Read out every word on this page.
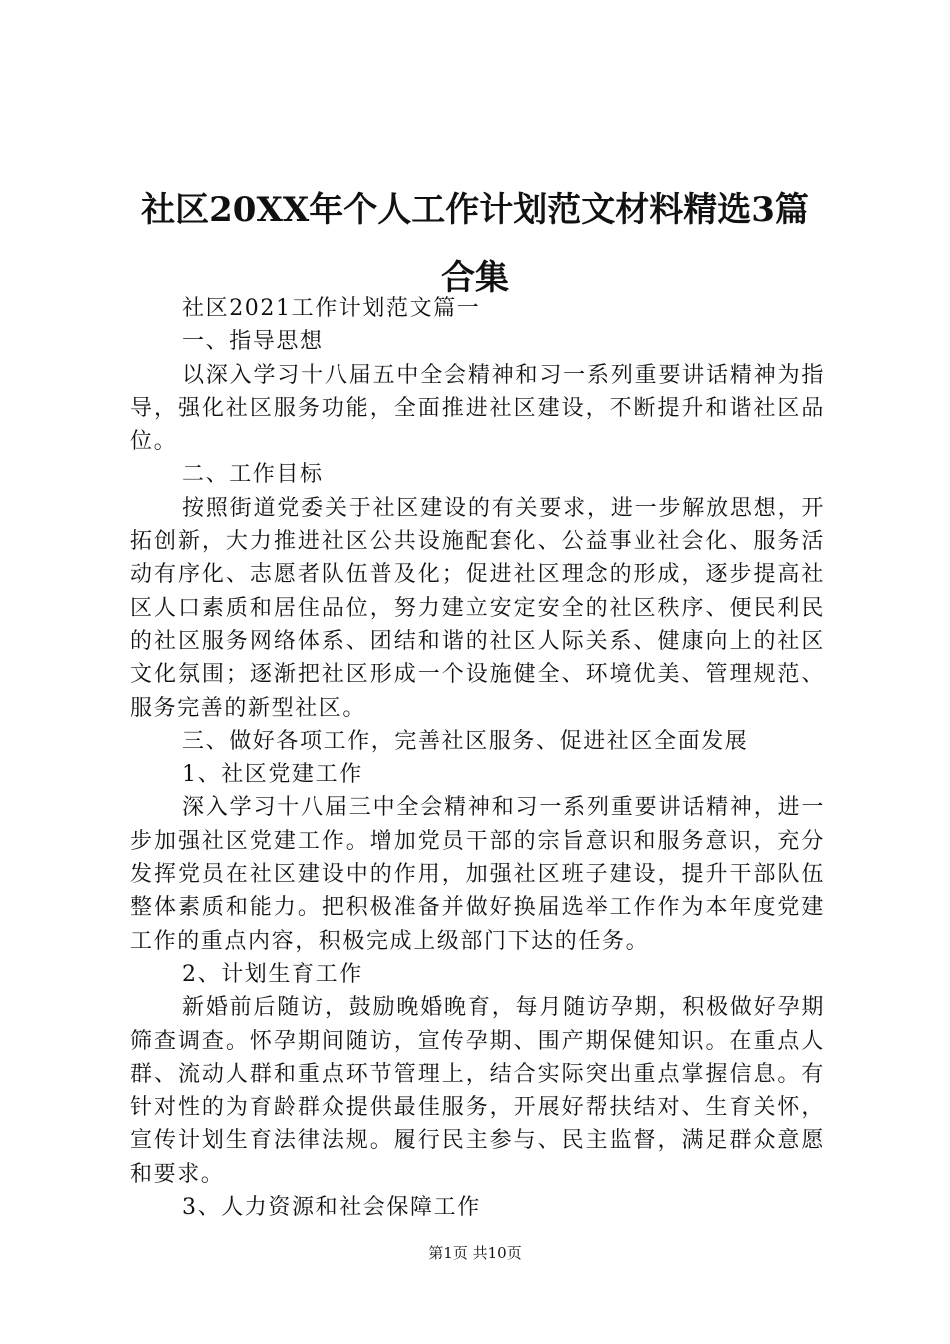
社区20XX年个人工作计划范文材料精选3篇
合集

社区2021工作计划范文篇一

一、指导思想

以深入学习十八届五中全会精神和习一系列重要讲话精神为指导，强化社区服务功能，全面推进社区建设，不断提升和谐社区品位。

二、工作目标

按照街道党委关于社区建设的有关要求，进一步解放思想，开拓创新，大力推进社区公共设施配套化、公益事业社会化、服务活动有序化、志愿者队伍普及化；促进社区理念的形成，逐步提高社区人口素质和居住品位，努力建立安定安全的社区秩序、便民利民的社区服务网络体系、团结和谐的社区人际关系、健康向上的社区文化氛围；逐渐把社区形成一个设施健全、环境优美、管理规范、服务完善的新型社区。

三、做好各项工作，完善社区服务、促进社区全面发展

1、社区党建工作

深入学习十八届三中全会精神和习一系列重要讲话精神，进一步加强社区党建工作。增加党员干部的宗旨意识和服务意识，充分发挥党员在社区建设中的作用，加强社区班子建设，提升干部队伍整体素质和能力。把积极准备并做好换届选举工作作为本年度党建工作的重点内容，积极完成上级部门下达的任务。

2、计划生育工作

新婚前后随访，鼓励晚婚晚育，每月随访孕期，积极做好孕期筛查调查。怀孕期间随访，宣传孕期、围产期保健知识。在重点人群、流动人群和重点环节管理上，结合实际突出重点掌握信息。有针对性的为育龄群众提供最佳服务，开展好帮扶结对、生育关怀，宣传计划生育法律法规。履行民主参与、民主监督，满足群众意愿和要求。

3、人力资源和社会保障工作

第1页 共10页
